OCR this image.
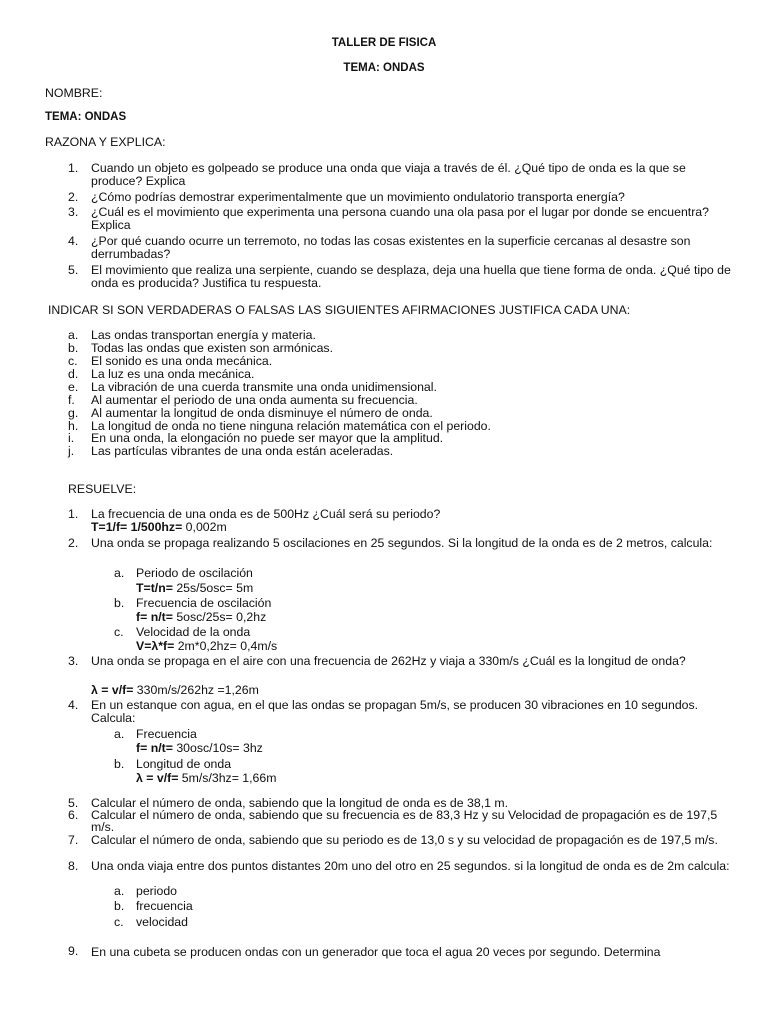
TALLER DE FISICA
TEMA: ONDAS
NOMBRE:
TEMA: ONDAS
RAZONA Y EXPLICA:
1.	Cuando un objeto es golpeado se produce una onda que viaja a través de él. ¿Qué tipo de onda es la que se produce? Explica
2.	¿Cómo podrías demostrar experimentalmente que un movimiento ondulatorio transporta energía?
3.	¿Cuál es el movimiento que experimenta una persona cuando una ola pasa por el lugar por donde se encuentra? Explica
4.	¿Por qué cuando ocurre un terremoto, no todas las cosas existentes en la superficie cercanas al desastre son derrumbadas?
5.	El movimiento que realiza una serpiente, cuando se desplaza, deja una huella que tiene forma de onda. ¿Qué tipo de onda es producida? Justifica tu respuesta.
INDICAR SI SON VERDADERAS O FALSAS LAS SIGUIENTES AFIRMACIONES JUSTIFICA CADA UNA:
a.	Las ondas transportan energía y materia.
b.	Todas las ondas que existen son armónicas.
c.	El sonido es una onda mecánica.
d.	La luz es una onda mecánica.
e.	La vibración de una cuerda transmite una onda unidimensional.
f.	Al aumentar el periodo de una onda aumenta su frecuencia.
g.	Al aumentar la longitud de onda disminuye el número de onda.
h.	La longitud de onda no tiene ninguna relación matemática con el periodo.
i.	En una onda, la elongación no puede ser mayor que la amplitud.
j.	Las partículas vibrantes de una onda están aceleradas.
RESUELVE:
1.	La frecuencia de una onda es de 500Hz ¿Cuál será su periodo?
T=1/f= 1/500hz= 0,002m
2.	Una onda se propaga realizando 5 oscilaciones en 25 segundos. Si la longitud de la onda es de 2 metros, calcula:
a. Periodo de oscilación
T=t/n= 25s/5osc= 5m
b. Frecuencia de oscilación
f= n/t= 5osc/25s= 0,2hz
c. Velocidad de la onda
V=λ*f= 2m*0,2hz= 0,4m/s
3.	Una onda se propaga en el aire con una frecuencia de 262Hz y viaja a 330m/s ¿Cuál es la longitud de onda?
λ = v/f= 330m/s/262hz =1,26m
4.	En un estanque con agua, en el que las ondas se propagan 5m/s, se producen 30 vibraciones en 10 segundos. Calcula:
a. Frecuencia
f= n/t= 30osc/10s= 3hz
b. Longitud de onda
λ = v/f= 5m/s/3hz= 1,66m
5.	Calcular el número de onda, sabiendo que la longitud de onda es de 38,1 m.
6.	Calcular el número de onda, sabiendo que su frecuencia es de 83,3 Hz y su Velocidad de propagación es de 197,5 m/s.
7.	Calcular el número de onda, sabiendo que su periodo es de 13,0 s y su velocidad de propagación es de 197,5 m/s.
8.	Una onda viaja entre dos puntos distantes 20m uno del otro en 25 segundos. si la longitud de onda es de 2m calcula:
a. periodo
b. frecuencia
c. velocidad
9.	En una cubeta se producen ondas con un generador que toca el agua 20 veces por segundo. Determina
